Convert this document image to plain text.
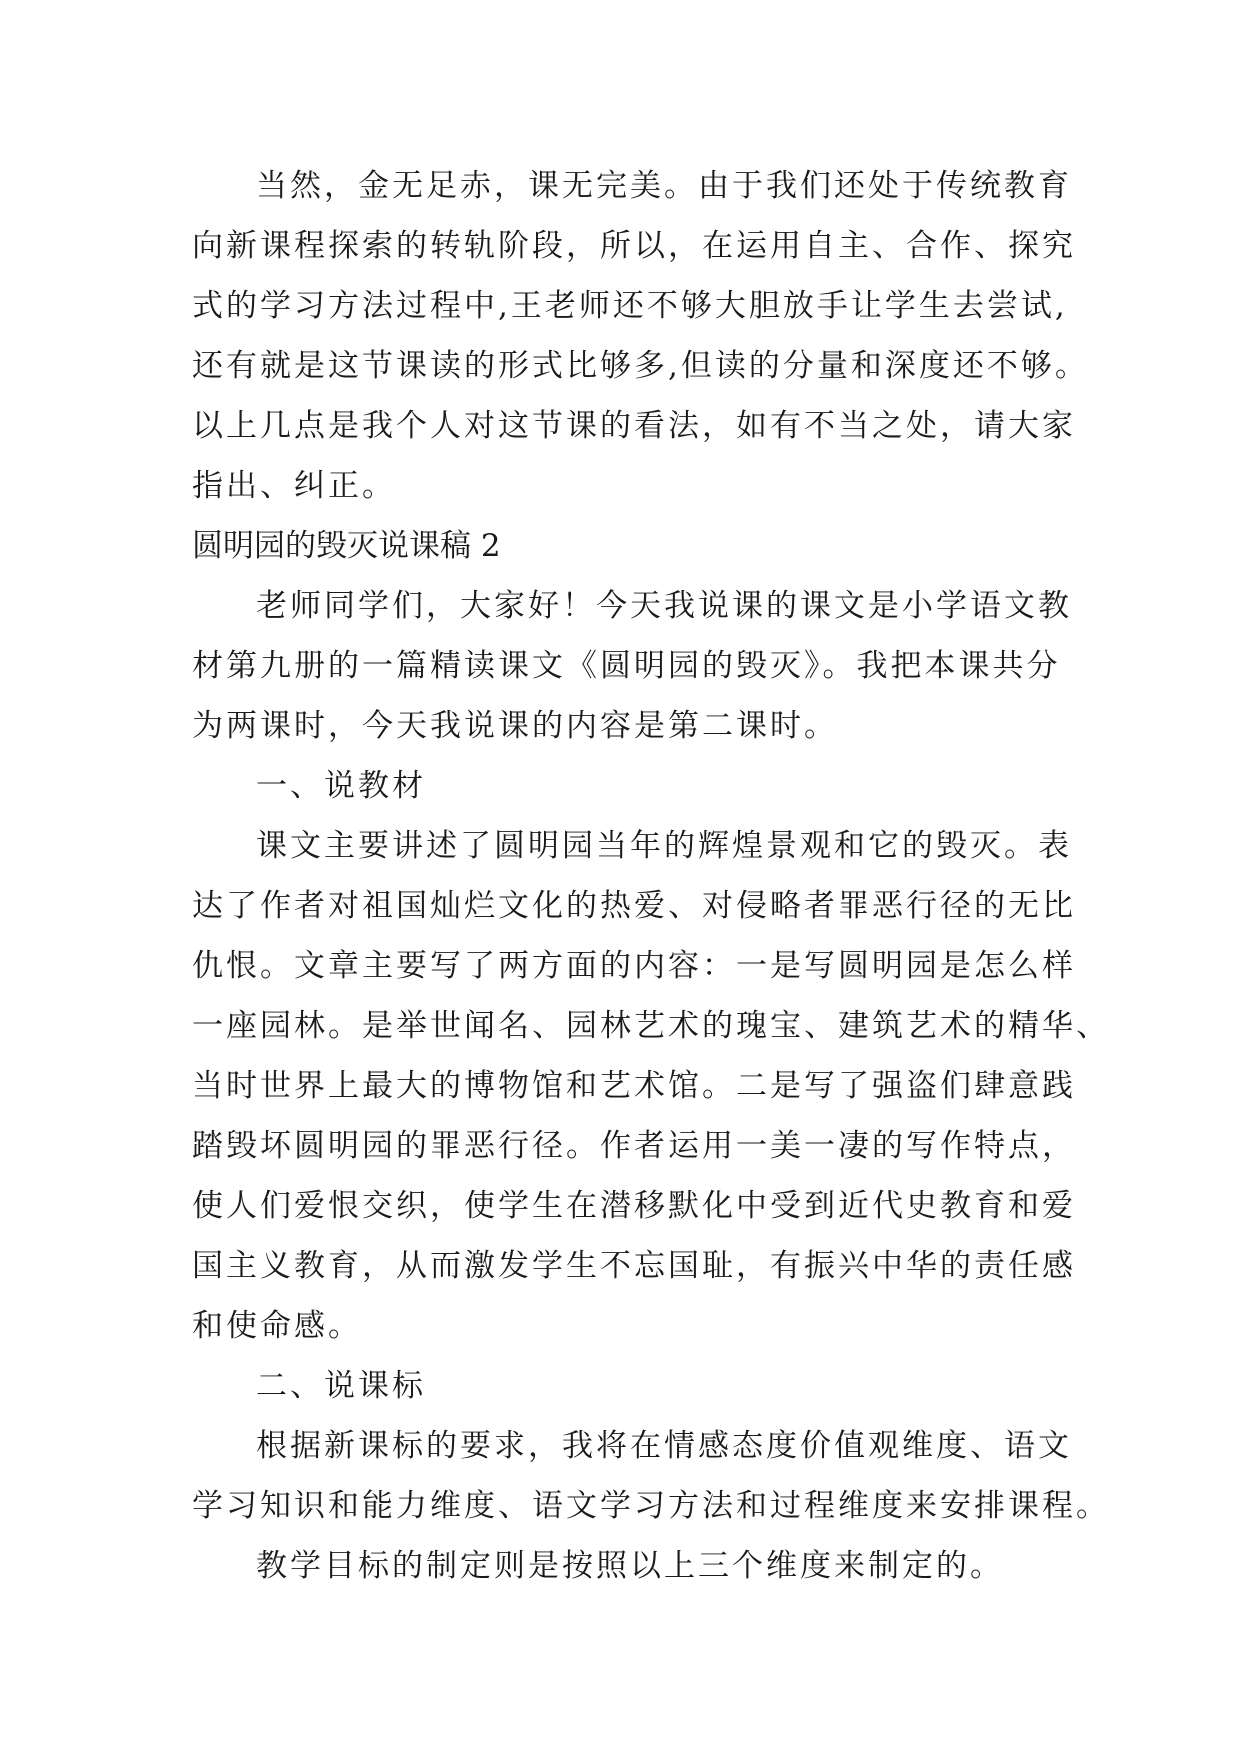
当然，金无足赤，课无完美。由于我们还处于传统教育
向新课程探索的转轨阶段，所以，在运用自主、合作、探究
式的学习方法过程中,王老师还不够大胆放手让学生去尝试,
还有就是这节课读的形式比够多,但读的分量和深度还不够。
以上几点是我个人对这节课的看法，如有不当之处，请大家
指出、纠正。
圆明园的毁灭说课稿 2
老师同学们，大家好！今天我说课的课文是小学语文教
材第九册的一篇精读课文《圆明园的毁灭》。我把本课共分
为两课时，今天我说课的内容是第二课时。
一、说教材
课文主要讲述了圆明园当年的辉煌景观和它的毁灭。表
达了作者对祖国灿烂文化的热爱、对侵略者罪恶行径的无比
仇恨。文章主要写了两方面的内容：一是写圆明园是怎么样
一座园林。是举世闻名、园林艺术的瑰宝、建筑艺术的精华、
当时世界上最大的博物馆和艺术馆。二是写了强盗们肆意践
踏毁坏圆明园的罪恶行径。作者运用一美一凄的写作特点，
使人们爱恨交织，使学生在潜移默化中受到近代史教育和爱
国主义教育，从而激发学生不忘国耻，有振兴中华的责任感
和使命感。
二、说课标
根据新课标的要求，我将在情感态度价值观维度、语文
学习知识和能力维度、语文学习方法和过程维度来安排课程。
教学目标的制定则是按照以上三个维度来制定的。
